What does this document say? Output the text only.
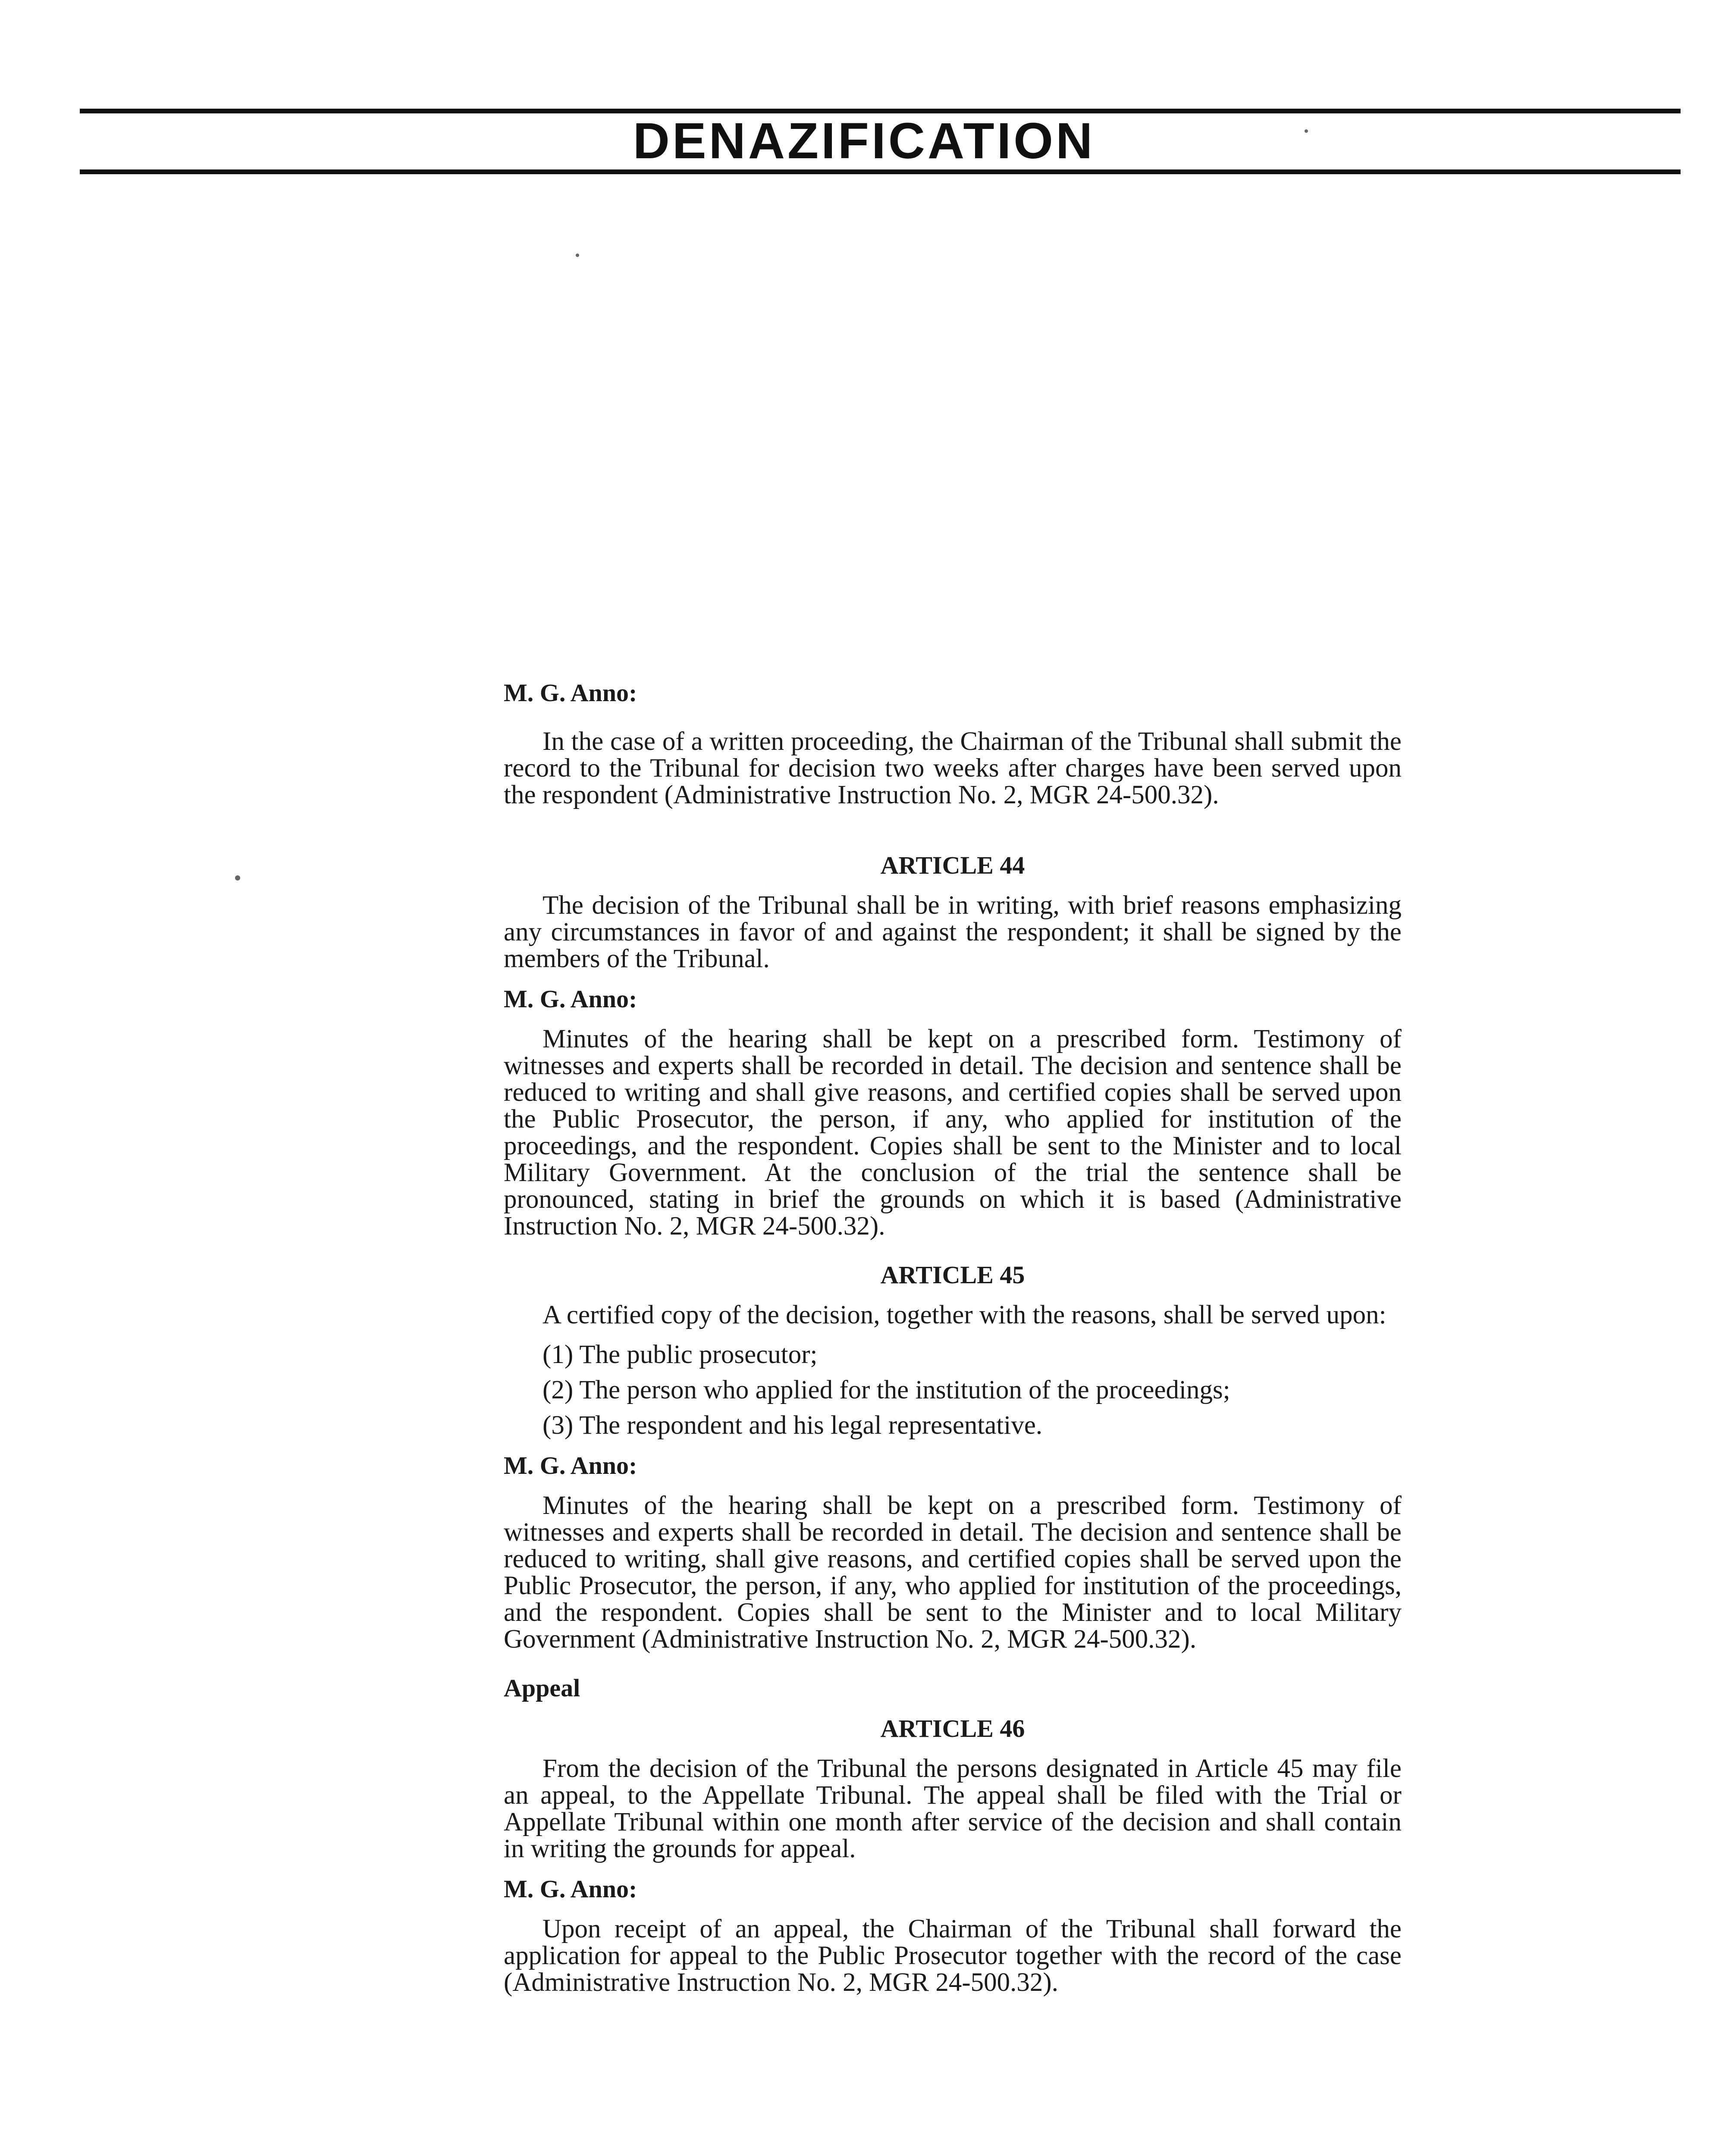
DENAZIFICATION

M. G. Anno:

In the case of a written proceeding, the Chairman of the Tribunal shall submit the record to the Tribunal for decision two weeks after charges have been served upon the respondent (Administrative Instruction No. 2, MGR 24-500.32).

ARTICLE 44

The decision of the Tribunal shall be in writing, with brief reasons emphasizing any circumstances in favor of and against the respondent; it shall be signed by the members of the Tribunal.

M. G. Anno:

Minutes of the hearing shall be kept on a prescribed form. Testimony of witnesses and experts shall be recorded in detail. The decision and sentence shall be reduced to writing and shall give reasons, and certified copies shall be served upon the Public Prosecutor, the person, if any, who applied for institution of the proceedings, and the respondent. Copies shall be sent to the Minister and to local Military Government. At the conclusion of the trial the sentence shall be pronounced, stating in brief the grounds on which it is based (Administrative Instruction No. 2, MGR 24-500.32).

ARTICLE 45

A certified copy of the decision, together with the reasons, shall be served upon:

(1) The public prosecutor;
(2) The person who applied for the institution of the proceedings;
(3) The respondent and his legal representative.

M. G. Anno:

Minutes of the hearing shall be kept on a prescribed form. Testimony of witnesses and experts shall be recorded in detail. The decision and sentence shall be reduced to writing, shall give reasons, and certified copies shall be served upon the Public Prosecutor, the person, if any, who applied for institution of the proceedings, and the respondent. Copies shall be sent to the Minister and to local Military Government (Administrative Instruction No. 2, MGR 24-500.32).

Appeal
ARTICLE 46

From the decision of the Tribunal the persons designated in Article 45 may file an appeal, to the Appellate Tribunal. The appeal shall be filed with the Trial or Appellate Tribunal within one month after service of the decision and shall contain in writing the grounds for appeal.

M. G. Anno:

Upon receipt of an appeal, the Chairman of the Tribunal shall forward the application for appeal to the Public Prosecutor together with the record of the case (Administrative Instruction No. 2, MGR 24-500.32).
